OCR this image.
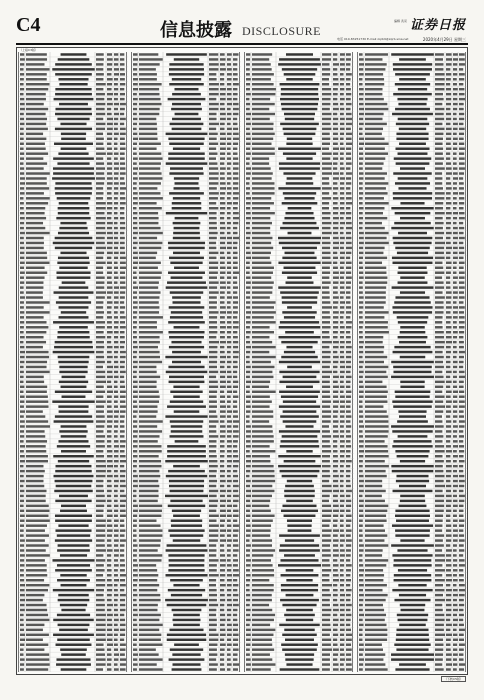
C4	信息披露 DISCLOSURE
编辑 武亮 证券日报
电话 010-83251730 E-mail zqrb9@zqrb.sina.net	2020年4月29日 星期三
（上接C3版）
（下转C5版）
